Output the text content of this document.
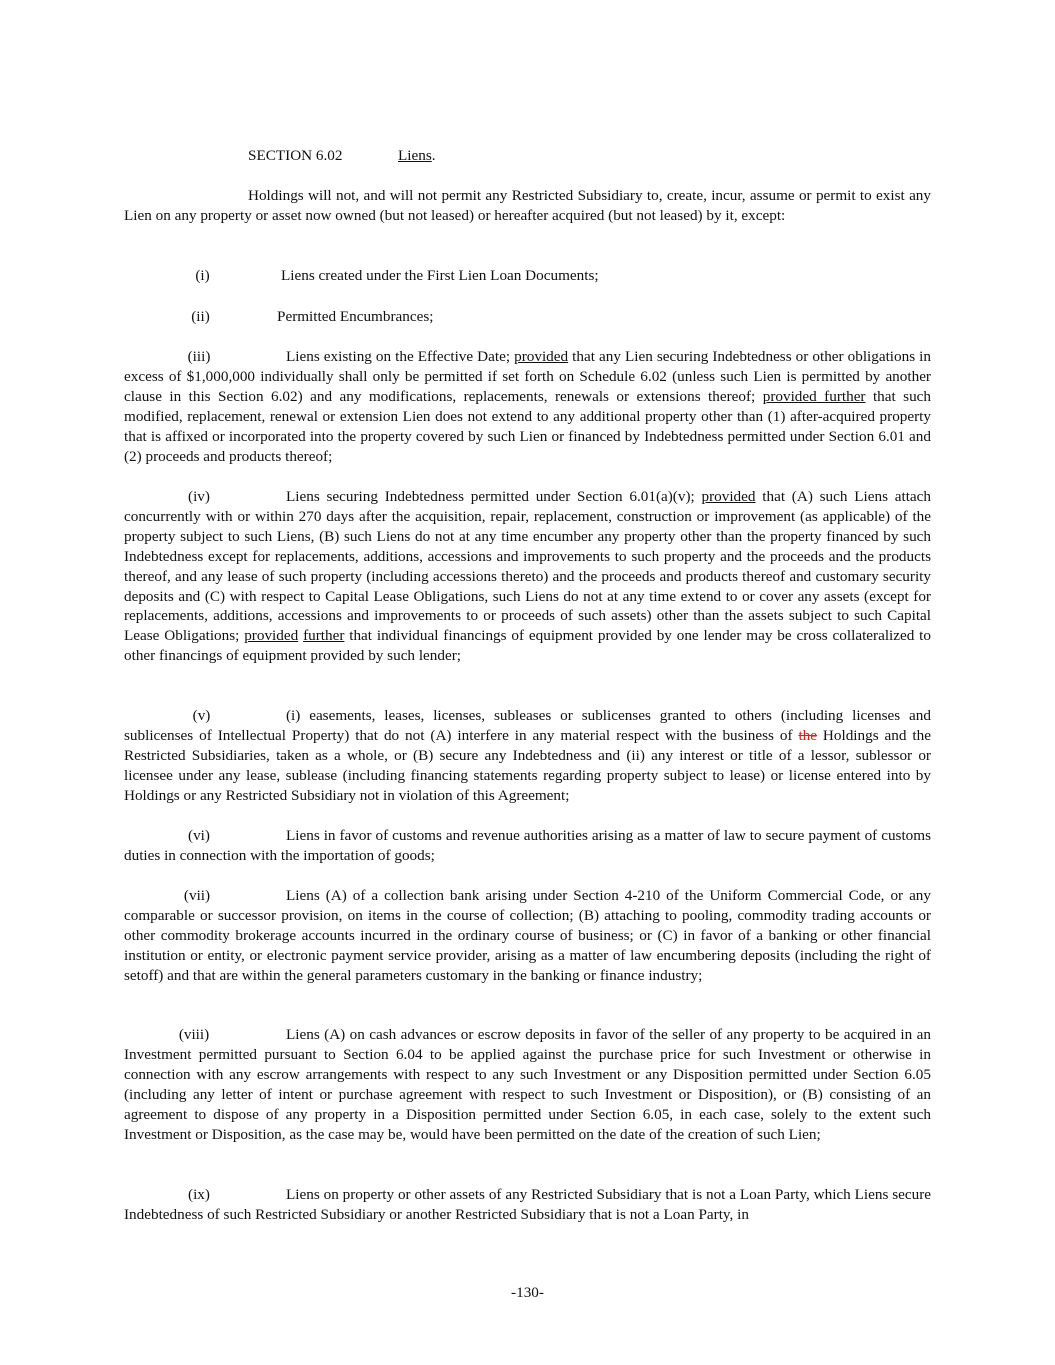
SECTION 6.02	Liens.
Holdings will not, and will not permit any Restricted Subsidiary to, create, incur, assume or permit to exist any Lien on any property or asset now owned (but not leased) or hereafter acquired (but not leased) by it, except:
(i)	Liens created under the First Lien Loan Documents;
(ii)	Permitted Encumbrances;
(iii)	Liens existing on the Effective Date; provided that any Lien securing Indebtedness or other obligations in excess of $1,000,000 individually shall only be permitted if set forth on Schedule 6.02 (unless such Lien is permitted by another clause in this Section 6.02) and any modifications, replacements, renewals or extensions thereof; provided further that such modified, replacement, renewal or extension Lien does not extend to any additional property other than (1) after-acquired property that is affixed or incorporated into the property covered by such Lien or financed by Indebtedness permitted under Section 6.01 and (2) proceeds and products thereof;
(iv)	Liens securing Indebtedness permitted under Section 6.01(a)(v); provided that (A) such Liens attach concurrently with or within 270 days after the acquisition, repair, replacement, construction or improvement (as applicable) of the property subject to such Liens, (B) such Liens do not at any time encumber any property other than the property financed by such Indebtedness except for replacements, additions, accessions and improvements to such property and the proceeds and the products thereof, and any lease of such property (including accessions thereto) and the proceeds and products thereof and customary security deposits and (C) with respect to Capital Lease Obligations, such Liens do not at any time extend to or cover any assets (except for replacements, additions, accessions and improvements to or proceeds of such assets) other than the assets subject to such Capital Lease Obligations; provided further that individual financings of equipment provided by one lender may be cross collateralized to other financings of equipment provided by such lender;
(v)	(i) easements, leases, licenses, subleases or sublicenses granted to others (including licenses and sublicenses of Intellectual Property) that do not (A) interfere in any material respect with the business of the Holdings and the Restricted Subsidiaries, taken as a whole, or (B) secure any Indebtedness and (ii) any interest or title of a lessor, sublessor or licensee under any lease, sublease (including financing statements regarding property subject to lease) or license entered into by Holdings or any Restricted Subsidiary not in violation of this Agreement;
(vi)	Liens in favor of customs and revenue authorities arising as a matter of law to secure payment of customs duties in connection with the importation of goods;
(vii)	Liens (A) of a collection bank arising under Section 4-210 of the Uniform Commercial Code, or any comparable or successor provision, on items in the course of collection; (B) attaching to pooling, commodity trading accounts or other commodity brokerage accounts incurred in the ordinary course of business; or (C) in favor of a banking or other financial institution or entity, or electronic payment service provider, arising as a matter of law encumbering deposits (including the right of setoff) and that are within the general parameters customary in the banking or finance industry;
(viii)	Liens (A) on cash advances or escrow deposits in favor of the seller of any property to be acquired in an Investment permitted pursuant to Section 6.04 to be applied against the purchase price for such Investment or otherwise in connection with any escrow arrangements with respect to any such Investment or any Disposition permitted under Section 6.05 (including any letter of intent or purchase agreement with respect to such Investment or Disposition), or (B) consisting of an agreement to dispose of any property in a Disposition permitted under Section 6.05, in each case, solely to the extent such Investment or Disposition, as the case may be, would have been permitted on the date of the creation of such Lien;
(ix)	Liens on property or other assets of any Restricted Subsidiary that is not a Loan Party, which Liens secure Indebtedness of such Restricted Subsidiary or another Restricted Subsidiary that is not a Loan Party, in
-130-
